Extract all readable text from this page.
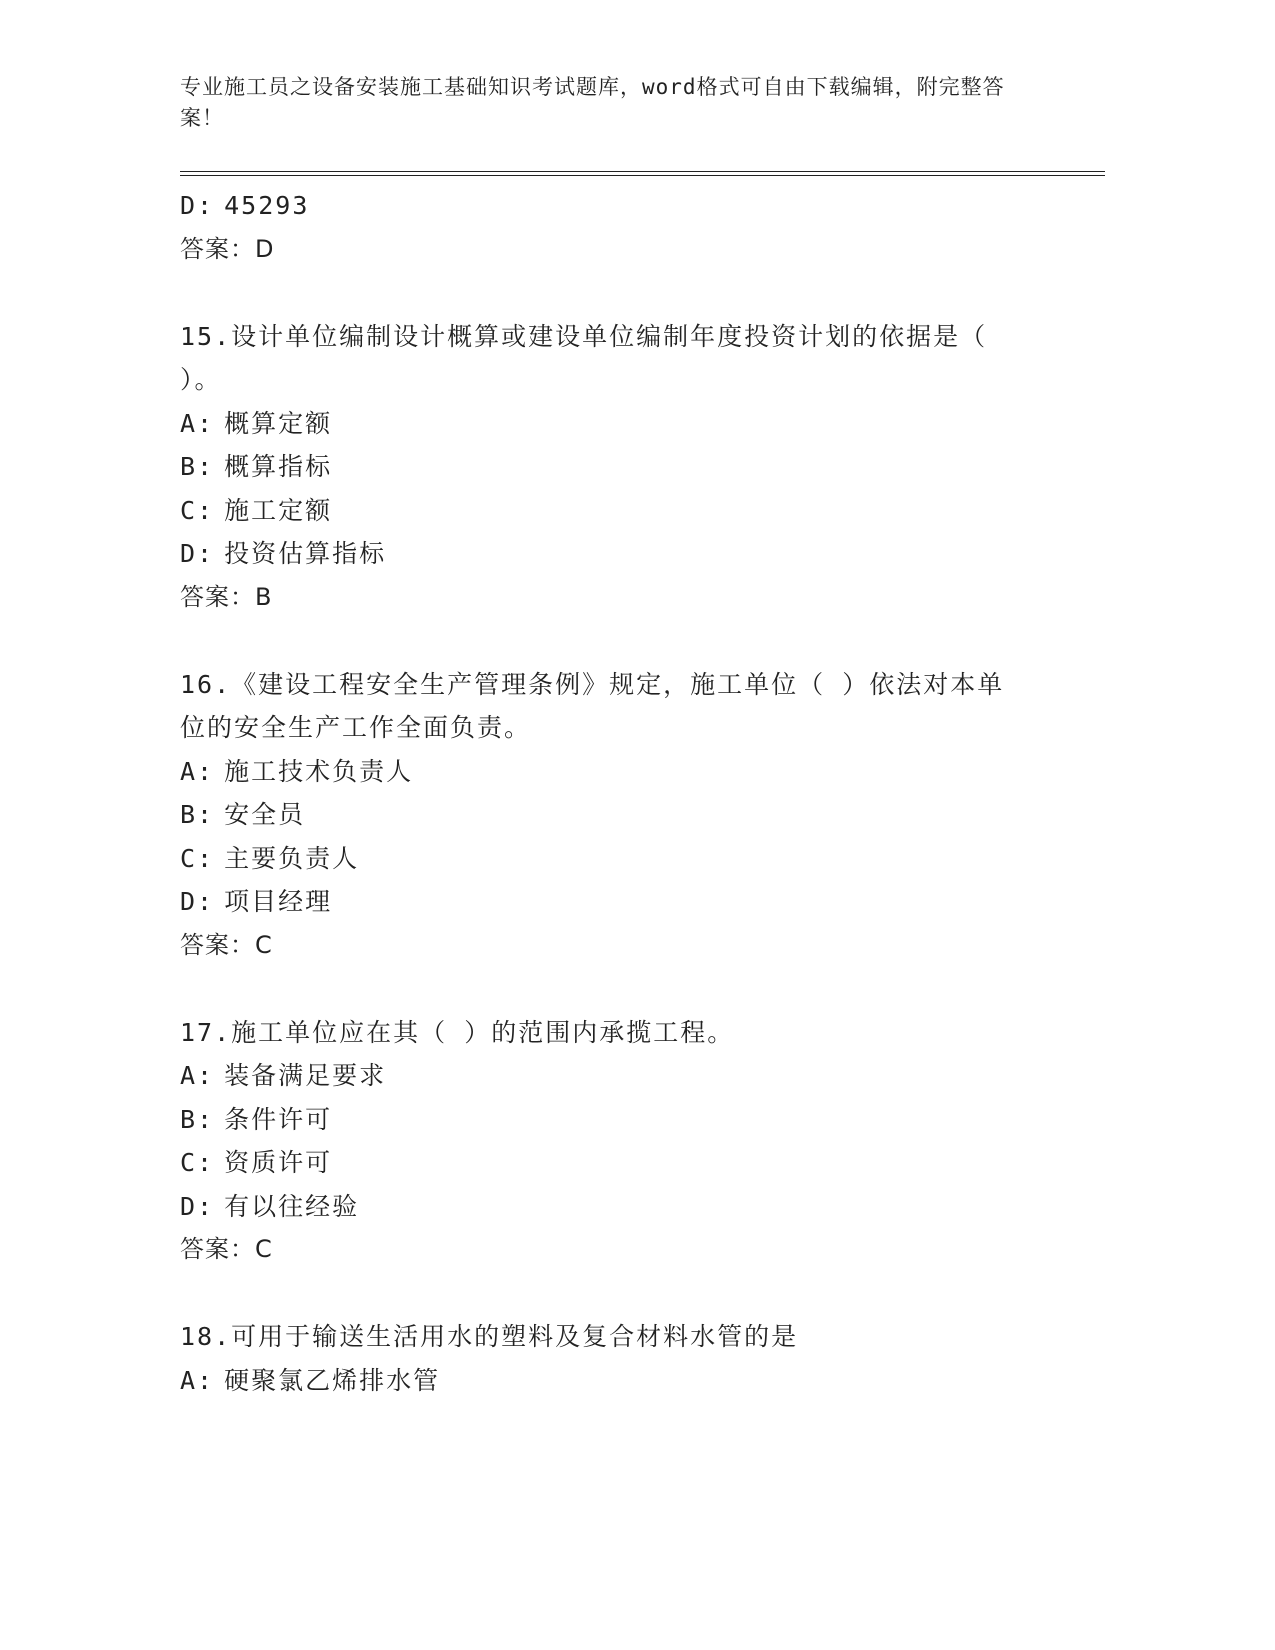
专业施工员之设备安装施工基础知识考试题库，word格式可自由下载编辑，附完整答案！
D: 45293
答案：D
15.设计单位编制设计概算或建设单位编制年度投资计划的依据是（ ）。
A: 概算定额
B: 概算指标
C: 施工定额
D: 投资估算指标
答案：B
16.《建设工程安全生产管理条例》规定，施工单位（ ）依法对本单位的安全生产工作全面负责。
A: 施工技术负责人
B: 安全员
C: 主要负责人
D: 项目经理
答案：C
17.施工单位应在其（ ）的范围内承揽工程。
A: 装备满足要求
B: 条件许可
C: 资质许可
D: 有以往经验
答案：C
18.可用于输送生活用水的塑料及复合材料水管的是
A: 硬聚氯乙烯排水管
